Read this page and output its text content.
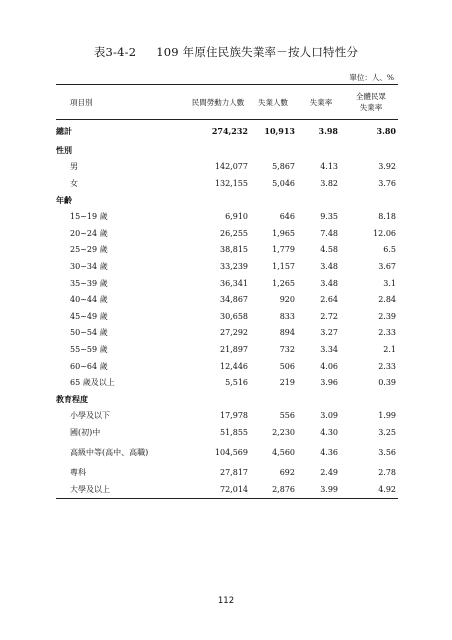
表3-4-2 109 年原住民族失業率－按人口特性分
單位：人、%
項目別	民間勞動力人數	失業人數	失業率	全體民眾
失業率
總計	274,232	10,913	3.98	3.80
性別				
男	142,077	5,867	4.13	3.92
女	132,155	5,046	3.82	3.76
年齡				
15~19 歲	6,910	646	9.35	8.18
20~24 歲	26,255	1,965	7.48	12.06
25~29 歲	38,815	1,779	4.58	6.5
30~34 歲	33,239	1,157	3.48	3.67
35~39 歲	36,341	1,265	3.48	3.1
40~44 歲	34,867	920	2.64	2.84
45~49 歲	30,658	833	2.72	2.39
50~54 歲	27,292	894	3.27	2.33
55~59 歲	21,897	732	3.34	2.1
60~64 歲	12,446	506	4.06	2.33
65 歲及以上	5,516	219	3.96	0.39
教育程度				
小學及以下	17,978	556	3.09	1.99
國(初)中	51,855	2,230	4.30	3.25
高級中等(高中、高職)	104,569	4,560	4.36	3.56
專科	27,817	692	2.49	2.78
大學及以上	72,014	2,876	3.99	4.92
112
